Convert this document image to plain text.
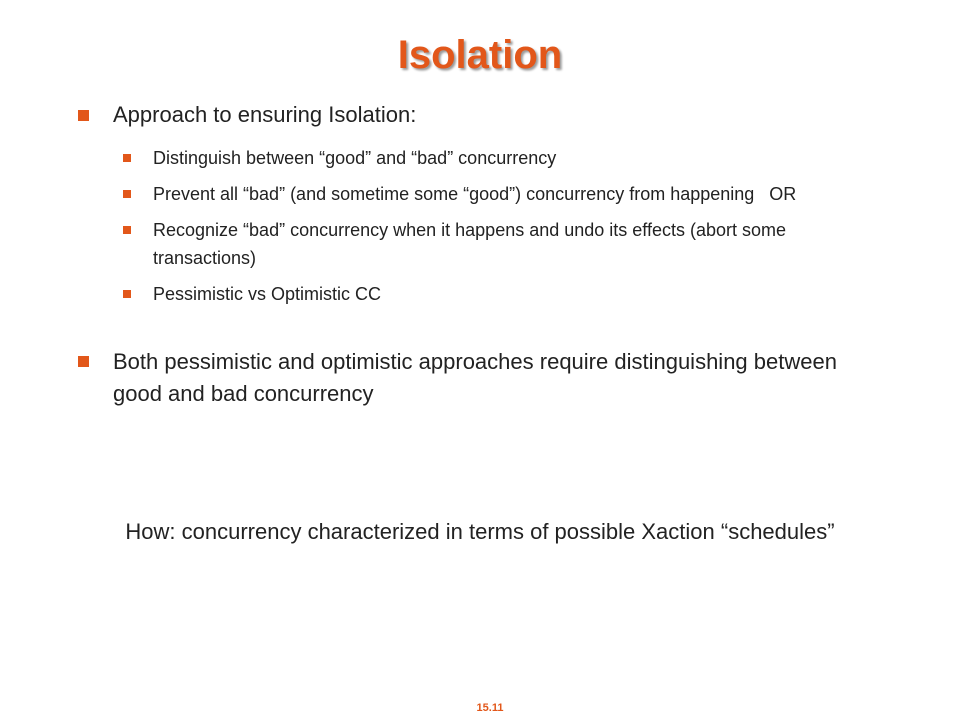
Isolation
Approach to ensuring Isolation:
Distinguish between “good” and “bad” concurrency
Prevent all “bad” (and sometime some “good”) concurrency from happening   OR
Recognize “bad” concurrency when it happens and undo its effects (abort some transactions)
Pessimistic vs Optimistic CC
Both pessimistic and optimistic approaches require distinguishing between good and bad concurrency
How: concurrency characterized in terms of possible Xaction “schedules”
15.11
